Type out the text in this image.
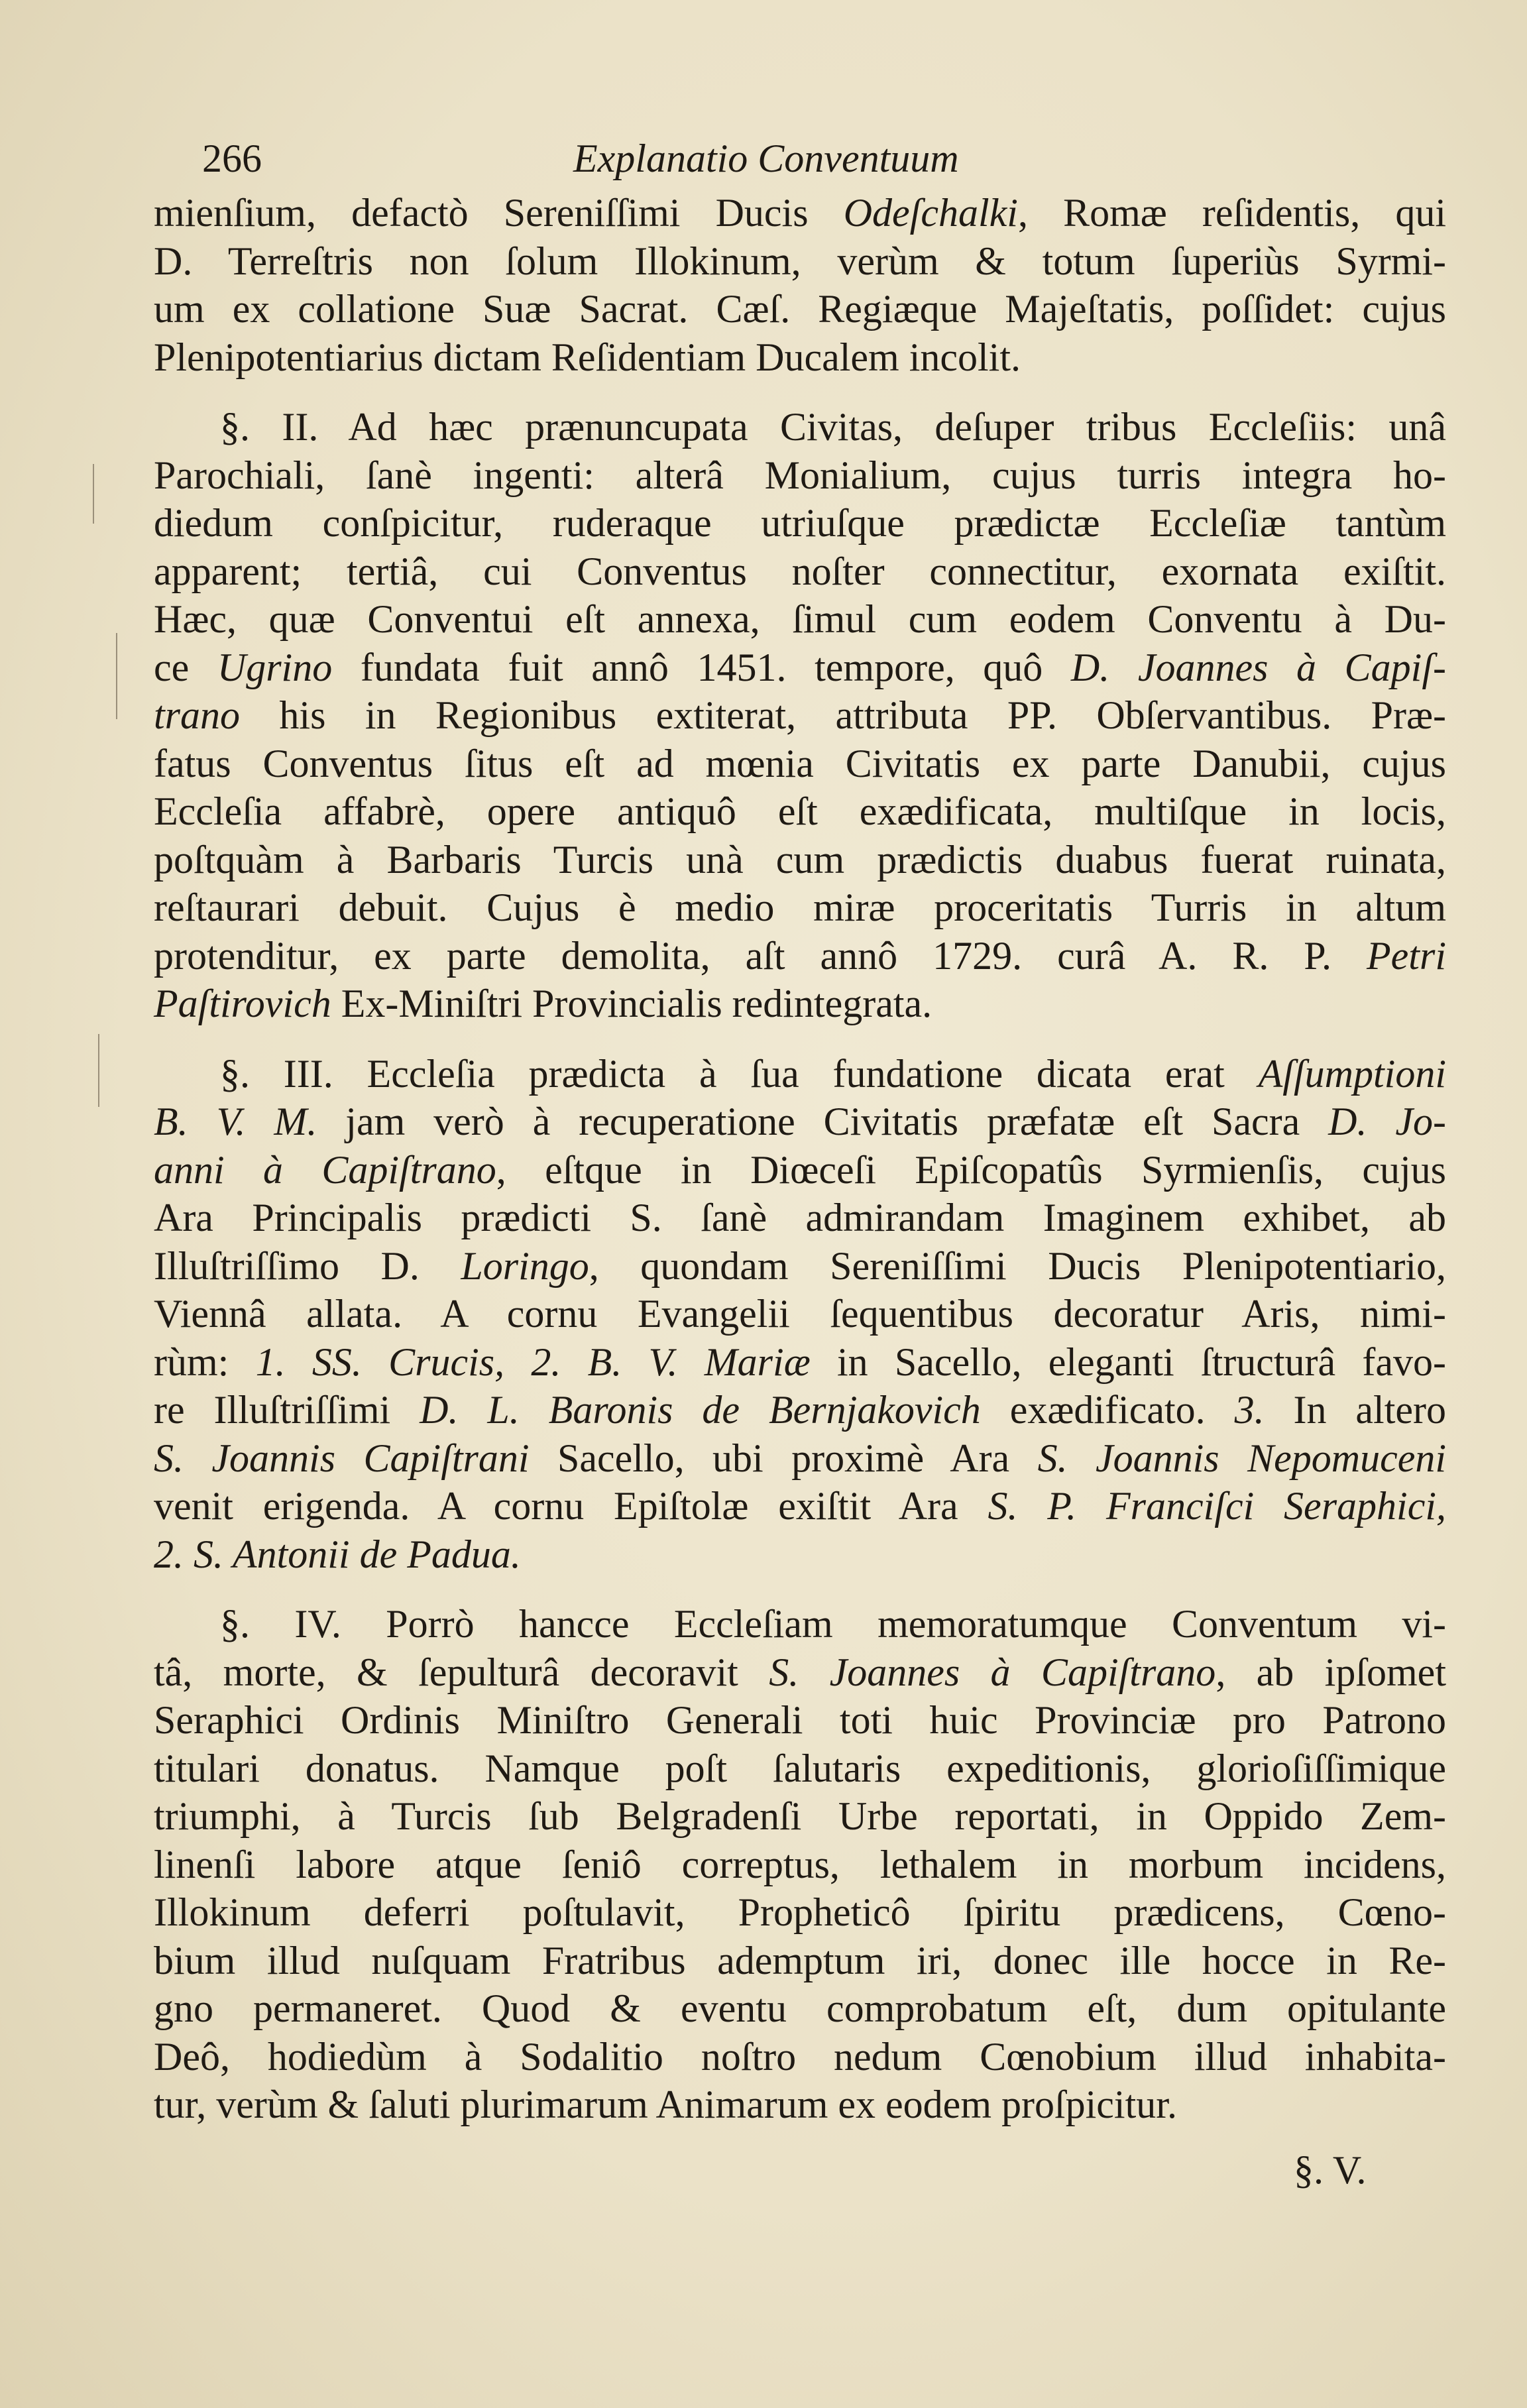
266	Explanatio Conventuum
mienſium, defactò Sereniſſimi Ducis Odeſchalki, Romæ reſidentis, qui
D. Terreſtris non ſolum Illokinum, verùm & totum ſuperiùs Syrmi-
um ex collatione Suæ Sacrat. Cæſ. Regiæque Majeſtatis, poſſidet: cujus
Plenipotentiarius dictam Reſidentiam Ducalem incolit.
§. II. Ad hæc prænuncupata Civitas, deſuper tribus Eccleſiis: unâ
Parochiali, ſanè ingenti: alterâ Monialium, cujus turris integra ho-
diedum conſpicitur, ruderaque utriuſque prædictæ Eccleſiæ tantùm
apparent; tertiâ, cui Conventus noſter connectitur, exornata exiſtit.
Hæc, quæ Conventui eſt annexa, ſimul cum eodem Conventu à Du-
ce Ugrino fundata fuit annô 1451. tempore, quô D. Joannes à Capiſ-
trano his in Regionibus extiterat, attributa PP. Obſervantibus. Præ-
fatus Conventus ſitus eſt ad mœnia Civitatis ex parte Danubii, cujus
Eccleſia affabrè, opere antiquô eſt exædificata, multiſque in locis,
poſtquàm à Barbaris Turcis unà cum prædictis duabus fuerat ruinata,
reſtaurari debuit. Cujus è medio miræ proceritatis Turris in altum
protenditur, ex parte demolita, aſt annô 1729. curâ A. R. P. Petri
Paſtirovich Ex-Miniſtri Provincialis redintegrata.
§. III. Eccleſia prædicta à ſua fundatione dicata erat Aſſumptioni
B. V. M. jam verò à recuperatione Civitatis præfatæ eſt Sacra D. Jo-
anni à Capiſtrano, eſtque in Diœceſi Epiſcopatûs Syrmienſis, cujus
Ara Principalis prædicti S. ſanè admirandam Imaginem exhibet, ab
Illuſtriſſimo D. Loringo, quondam Sereniſſimi Ducis Plenipotentiario,
Viennâ allata. A cornu Evangelii ſequentibus decoratur Aris, nimi-
rùm: 1. SS. Crucis, 2. B. V. Mariæ in Sacello, eleganti ſtructurâ favo-
re Illuſtriſſimi D. L. Baronis de Bernjakovich exædificato. 3. In altero
S. Joannis Capiſtrani Sacello, ubi proximè Ara S. Joannis Nepomuceni
venit erigenda. A cornu Epiſtolæ exiſtit Ara S. P. Franciſci Seraphici,
2. S. Antonii de Padua.
§. IV. Porrò hancce Eccleſiam memoratumque Conventum vi-
tâ, morte, & ſepulturâ decoravit S. Joannes à Capiſtrano, ab ipſomet
Seraphici Ordinis Miniſtro Generali toti huic Provinciæ pro Patrono
titulari donatus. Namque poſt ſalutaris expeditionis, glorioſiſſimique
triumphi, à Turcis ſub Belgradenſi Urbe reportati, in Oppido Zem-
linenſi labore atque ſeniô correptus, lethalem in morbum incidens,
Illokinum deferri poſtulavit, Propheticô ſpiritu prædicens, Cœno-
bium illud nuſquam Fratribus ademptum iri, donec ille hocce in Re-
gno permaneret. Quod & eventu comprobatum eſt, dum opitulante
Deô, hodiedùm à Sodalitio noſtro nedum Cœnobium illud inhabita-
tur, verùm & ſaluti plurimarum Animarum ex eodem proſpicitur.
§. V.
